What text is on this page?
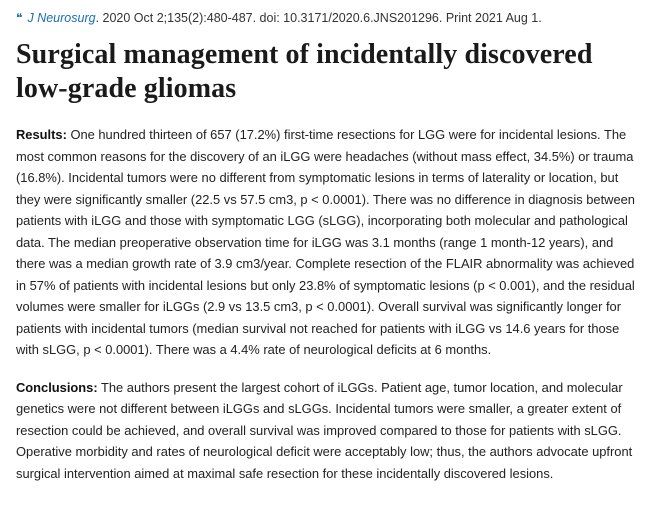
❝ J Neurosurg . 2020 Oct 2;135(2):480-487. doi: 10.3171/2020.6.JNS201296. Print 2021 Aug 1.
Surgical management of incidentally discovered low-grade gliomas
Results: One hundred thirteen of 657 (17.2%) first-time resections for LGG were for incidental lesions. The most common reasons for the discovery of an iLGG were headaches (without mass effect, 34.5%) or trauma (16.8%). Incidental tumors were no different from symptomatic lesions in terms of laterality or location, but they were significantly smaller (22.5 vs 57.5 cm3, p < 0.0001). There was no difference in diagnosis between patients with iLGG and those with symptomatic LGG (sLGG), incorporating both molecular and pathological data. The median preoperative observation time for iLGG was 3.1 months (range 1 month-12 years), and there was a median growth rate of 3.9 cm3/year. Complete resection of the FLAIR abnormality was achieved in 57% of patients with incidental lesions but only 23.8% of symptomatic lesions (p < 0.001), and the residual volumes were smaller for iLGGs (2.9 vs 13.5 cm3, p < 0.0001). Overall survival was significantly longer for patients with incidental tumors (median survival not reached for patients with iLGG vs 14.6 years for those with sLGG, p < 0.0001). There was a 4.4% rate of neurological deficits at 6 months.
Conclusions: The authors present the largest cohort of iLGGs. Patient age, tumor location, and molecular genetics were not different between iLGGs and sLGGs. Incidental tumors were smaller, a greater extent of resection could be achieved, and overall survival was improved compared to those for patients with sLGG. Operative morbidity and rates of neurological deficit were acceptably low; thus, the authors advocate upfront surgical intervention aimed at maximal safe resection for these incidentally discovered lesions.
